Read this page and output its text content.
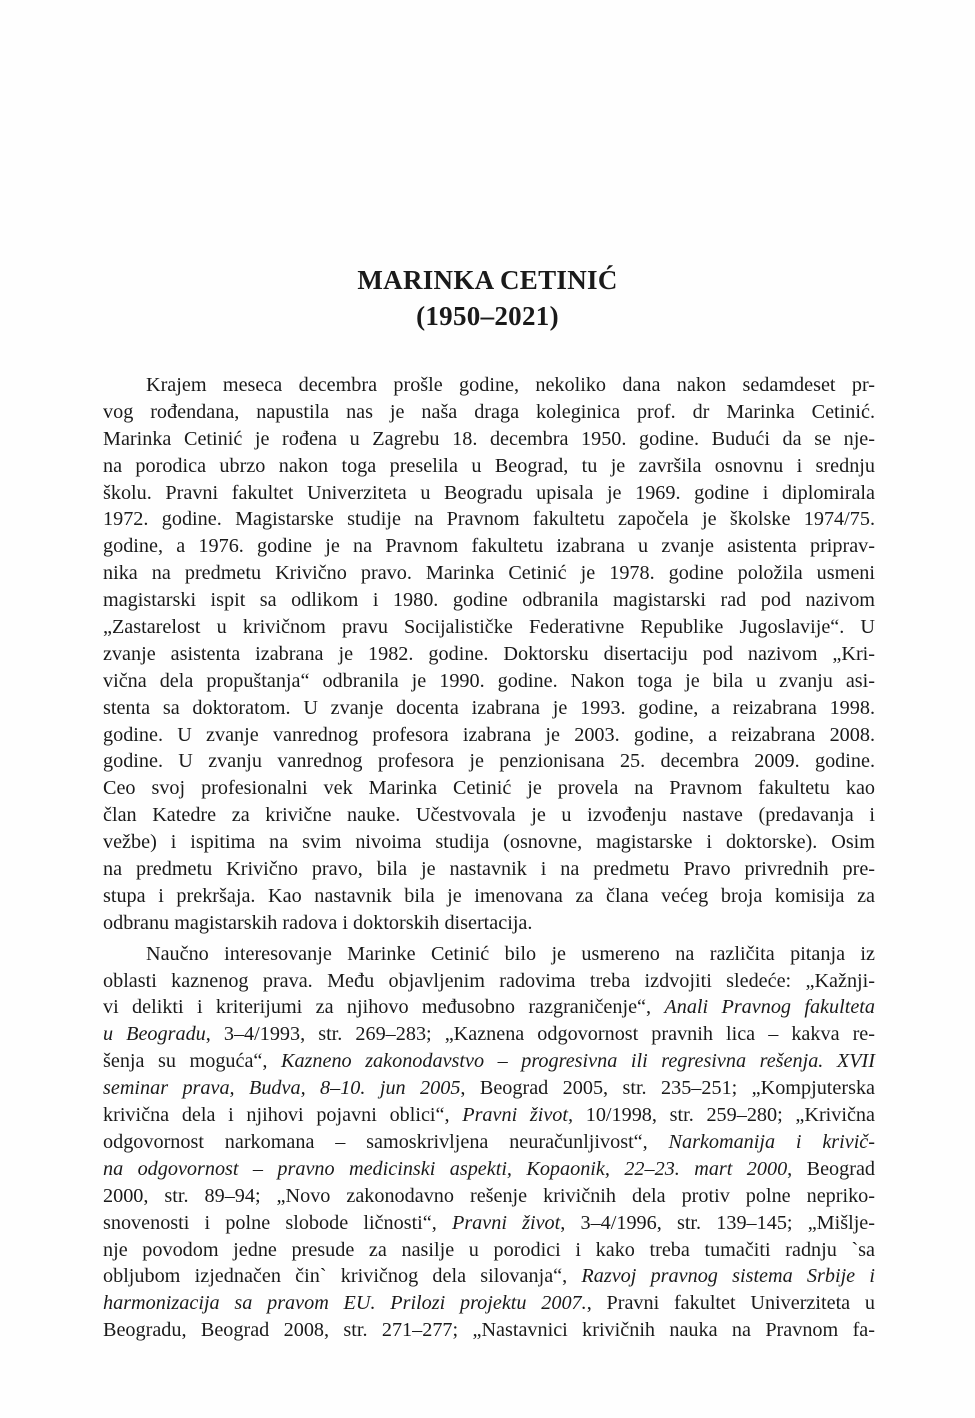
MARINKA CETINIĆ
(1950–2021)
Krajem meseca decembra prošle godine, nekoliko dana nakon sedamdeset pr-
vog rođendana, napustila nas je naša draga koleginica prof. dr Marinka Cetinić.
Marinka Cetinić je rođena u Zagrebu 18. decembra 1950. godine. Budući da se nje-
na porodica ubrzo nakon toga preselila u Beograd, tu je završila osnovnu i srednju
školu. Pravni fakultet Univerziteta u Beogradu upisala je 1969. godine i diplomirala
1972. godine. Magistarske studije na Pravnom fakultetu započela je školske 1974/75.
godine, a 1976. godine je na Pravnom fakultetu izabrana u zvanje asistenta priprav-
nika na predmetu Krivično pravo. Marinka Cetinić je 1978. godine položila usmeni
magistarski ispit sa odlikom i 1980. godine odbranila magistarski rad pod nazivom
„Zastarelost u krivičnom pravu Socijalističke Federativne Republike Jugoslavije“. U
zvanje asistenta izabrana je 1982. godine. Doktorsku disertaciju pod nazivom „Kri-
vična dela propuštanja“ odbranila je 1990. godine. Nakon toga je bila u zvanju asi-
stenta sa doktoratom. U zvanje docenta izabrana je 1993. godine, a reizabrana 1998.
godine. U zvanje vanrednog profesora izabrana je 2003. godine, a reizabrana 2008.
godine. U zvanju vanrednog profesora je penzionisana 25. decembra 2009. godine.
Ceo svoj profesionalni vek Marinka Cetinić je provela na Pravnom fakultetu kao
član Katedre za krivične nauke. Učestvovala je u izvođenju nastave (predavanja i
vežbe) i ispitima na svim nivoima studija (osnovne, magistarske i doktorske). Osim
na predmetu Krivično pravo, bila je nastavnik i na predmetu Pravo privrednih pre-
stupa i prekršaja. Kao nastavnik bila je imenovana za člana većeg broja komisija za
odbranu magistarskih radova i doktorskih disertacija.
Naučno interesovanje Marinke Cetinić bilo je usmereno na različita pitanja iz
oblasti kaznenog prava. Među objavljenim radovima treba izdvojiti sledeće: „Kažnji-
vi delikti i kriterijumi za njihovo međusobno razgraničenje“, Anali Pravnog fakulteta
u Beogradu, 3–4/1993, str. 269–283; „Kaznena odgovornost pravnih lica – kakva re-
šenja su moguća“, Kazneno zakonodavstvo – progresivna ili regresivna rešenja. XVII
seminar prava, Budva, 8–10. jun 2005, Beograd 2005, str. 235–251; „Kompjuterska
krivična dela i njihovi pojavni oblici“, Pravni život, 10/1998, str. 259–280; „Krivična
odgovornost narkomana – samoskrivljena neuračunljivost“, Narkomanija i krivič-
na odgovornost – pravno medicinski aspekti, Kopaonik, 22–23. mart 2000, Beograd
2000, str. 89–94; „Novo zakonodavno rešenje krivičnih dela protiv polne nepriko-
snovenosti i polne slobode ličnosti“, Pravni život, 3–4/1996, str. 139–145; „Mišlje-
nje povodom jedne presude za nasilje u porodici i kako treba tumačiti radnju `sa
obljubom izjednačen čin` krivičnog dela silovanja“, Razvoj pravnog sistema Srbije i
harmonizacija sa pravom EU. Prilozi projektu 2007., Pravni fakultet Univerziteta u
Beogradu, Beograd 2008, str. 271–277; „Nastavnici krivičnih nauka na Pravnom fa-
